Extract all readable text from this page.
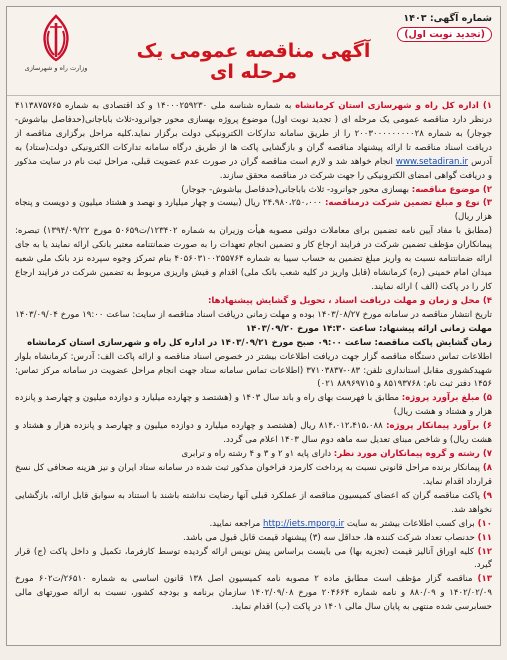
شماره آگهی: ۱۴۰۳
(تجدید نوبت اول)
آگهی مناقصه عمومی یک مرحله ای
وزارت راه و شهرسازی

۱) اداره کل راه و شهرسازی استان کرمانشاه به شماره شناسه ملی ۱۴۰۰۰۲۵۹۲۳۰ و کد اقتصادی به شماره ۴۱۱۳۸۷۵۷۶۵ درنظر دارد مناقصه عمومی یک مرحله ای ( تجدید نوبت اول) موضوع پروژه بهسازی محور جوانرود-ثلاث باباجانی(حدفاصل بیاشوش- جوجار) به شماره ۲۰۰۳۰۰۰۰۰۰۰۰۰۲۸ را از طریق سامانه تدارکات الکترونیکی دولت برگزار نماید.کلیه مراحل برگزاری مناقصه از دریافت اسناد مناقصه تا ارائه پیشنهاد مناقصه گران و بازگشایی پاکت ها از طریق درگاه سامانه تدارکات الکترونیکی دولت(ستاد) به آدرس www.setadiran.ir انجام خواهد شد و لازم است مناقصه گران در صورت عدم عضویت قبلی، مراحل ثبت نام در سایت مذکور و دریافت گواهی امضای الکترونیکی را جهت شرکت در مناقصه محقق سازند.

۲) موضوع مناقصه: بهسازی محور جوانرود- ثلاث باباجانی(حدفاصل بیاشوش- جوجار)

۳) نوع و مبلغ تضمین شرکت درمناقصه: ۲۴،۹۸۰،۲۵۰،۰۰۰ ریال (بیست و چهار میلیارد و نهصد و هشتاد میلیون و دویست و پنجاه هزار ریال)

(مطابق با مفاد آیین نامه تضمین برای معاملات دولتی مصوبه هیأت وزیران به شماره ۱۲۳۴۰۲/ت۵۰۶۵۹ مورخ ۱۳۹۴/۰۹/۲۲) تبصره: پیمانکاران مؤظف تضمین شرکت در فرایند ارجاع کار و تضمین انجام تعهدات را به صورت ضمانتنامه معتبر بانکی ارائه نمایند یا به جای ارائه ضمانتنامه نسبت به واریز مبلغ تضمین به حساب سیبا به شماره ۴۰۵۶۰۳۱۰۰۲۵۵۷۶۴ بنام تمرکز وجوه سپرده نزد بانک ملی شعبه میدان امام خمینی (ره) کرمانشاه (قابل واریز در کلیه شعب بانک ملی) اقدام و فیش واریزی مربوط به تضمین شرکت در فرایند ارجاع کار را در پاکت (الف ) ارائه نمایند.

۴) محل و زمان و مهلت دریافت اسناد ، تحویل و گشایش پیشنهادها:

تاریخ انتشار مناقصه در سامانه مورخ ۱۴۰۳/۰۸/۲۷ بوده و مهلت زمانی دریافت اسناد مناقصه از سایت: ساعت ۱۹:۰۰ مورخ ۱۴۰۳/۰۹/۰۴

مهلت زمانی ارائه پیشنهاد: ساعت ۱۴:۳۰ مورخ ۱۴۰۳/۰۹/۲۰

زمان گشایش پاکت مناقصه: ساعت ۰۹:۰۰ صبح مورخ ۱۴۰۳/۰۹/۲۱ در اداره کل راه و شهرسازی استان کرمانشاه

اطلاعات تماس دستگاه مناقصه گزار جهت دریافت اطلاعات بیشتر در خصوص اسناد مناقصه و ارائه پاکت الف: آدرس: کرمانشاه بلوار شهیدکشوری مقابل استانداری تلفن: ۰۸۳-۳۷۱۰۳۸۳۷ (اطلاعات تماس سامانه ستاد جهت انجام مراحل عضویت در سامانه مرکز تماس: ۱۴۵۶ دفتر ثبت نام: ۸۵۱۹۳۷۶۸ و ۸۸۹۶۹۷۱۵ ۰۲۱)

۵) مبلغ برآورد پروژه: مطابق با فهرست بهای راه و باند سال ۱۴۰۳ و (هشتصد و چهارده میلیارد و دوازده میلیون و چهارصد و پانزده هزار و هشتاد و هشت ریال)

۶) برآورد پیمانکار پروژه: ۸۱۴،۰۱۲،۴۱۵،۰۸۸ ریال (هشتصد و چهارده میلیارد و دوازده میلیون و چهارصد و پانزده هزار و هشتاد و هشت ریال) و شاخص مبنای تعدیل سه ماهه دوم سال ۱۴۰۳ اعلام می گردد.

۷) رشته و گروه پیمانکاران مورد نظر: دارای پایه ۱و ۲ و ۳ و ۴ رشته راه و ترابری

۸) پیمانکار برنده مراحل قانونی نسبت به پرداخت کارمزد فراخوان مذکور ثبت شده در سامانه ستاد ایران و نیز هزینه صحافی کل نسخ قرارداد اقدام نماید.

۹) پاکت مناقصه گران که اعضای کمیسیون مناقصه از عملکرد قبلی آنها رضایت نداشته باشند با استناد به سوابق قابل ارائه، بازگشایی نخواهد شد.

۱۰) برای کسب اطلاعات بیشتر به سایت http://iets.mporg.ir مراجعه نمایید.

۱۱) حدنصاب تعداد شرکت کننده ها، حداقل سه (۳) پیشنهاد قیمت قابل قبول می باشد.

۱۲) کلیه اوراق آنالیز قیمت (تجزیه بها) می بایست براساس پیش نویس ارائه گردیده توسط کارفرما، تکمیل و داخل پاکت (ج) قرار گیرد.

۱۳) مناقصه گزار مؤظف است مطابق ماده ۲ مصوبه نامه کمیسیون اصل ۱۳۸ قانون اساسی به شماره ۲۶۵۱۰/ت۶۰۲ مورخ ۱۴۰۲/۰۲/۰۹ و ۸۸۰/۰۹ و نامه شماره ۲۰۴۶۶۴ مورخ ۱۴۰۲/۰۹/۰۸ سازمان برنامه و بودجه کشور، نسبت به ارائه صورتهای مالی حسابرسی شده منتهی به پایان سال مالی ۱۴۰۱ در پاکت (ب) اقدام نماید.
